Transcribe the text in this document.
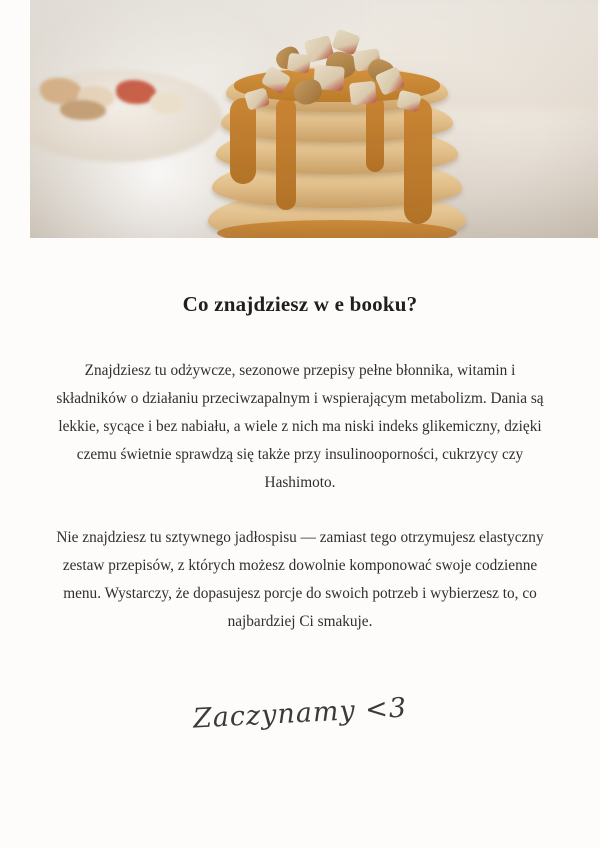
Co znajdziesz w e booku?

Znajdziesz tu odżywcze, sezonowe przepisy pełne błonnika, witamin i składników o działaniu przeciwzapalnym i wspierającym metabolizm. Dania są lekkie, sycące i bez nabiału, a wiele z nich ma niski indeks glikemiczny, dzięki czemu świetnie sprawdzą się także przy insulinooporności, cukrzycy czy Hashimoto.

Nie znajdziesz tu sztywnego jadłospisu — zamiast tego otrzymujesz elastyczny zestaw przepisów, z których możesz dowolnie komponować swoje codzienne menu. Wystarczy, że dopasujesz porcje do swoich potrzeb i wybierzesz to, co najbardziej Ci smakuje.

Zaczynamy <3
